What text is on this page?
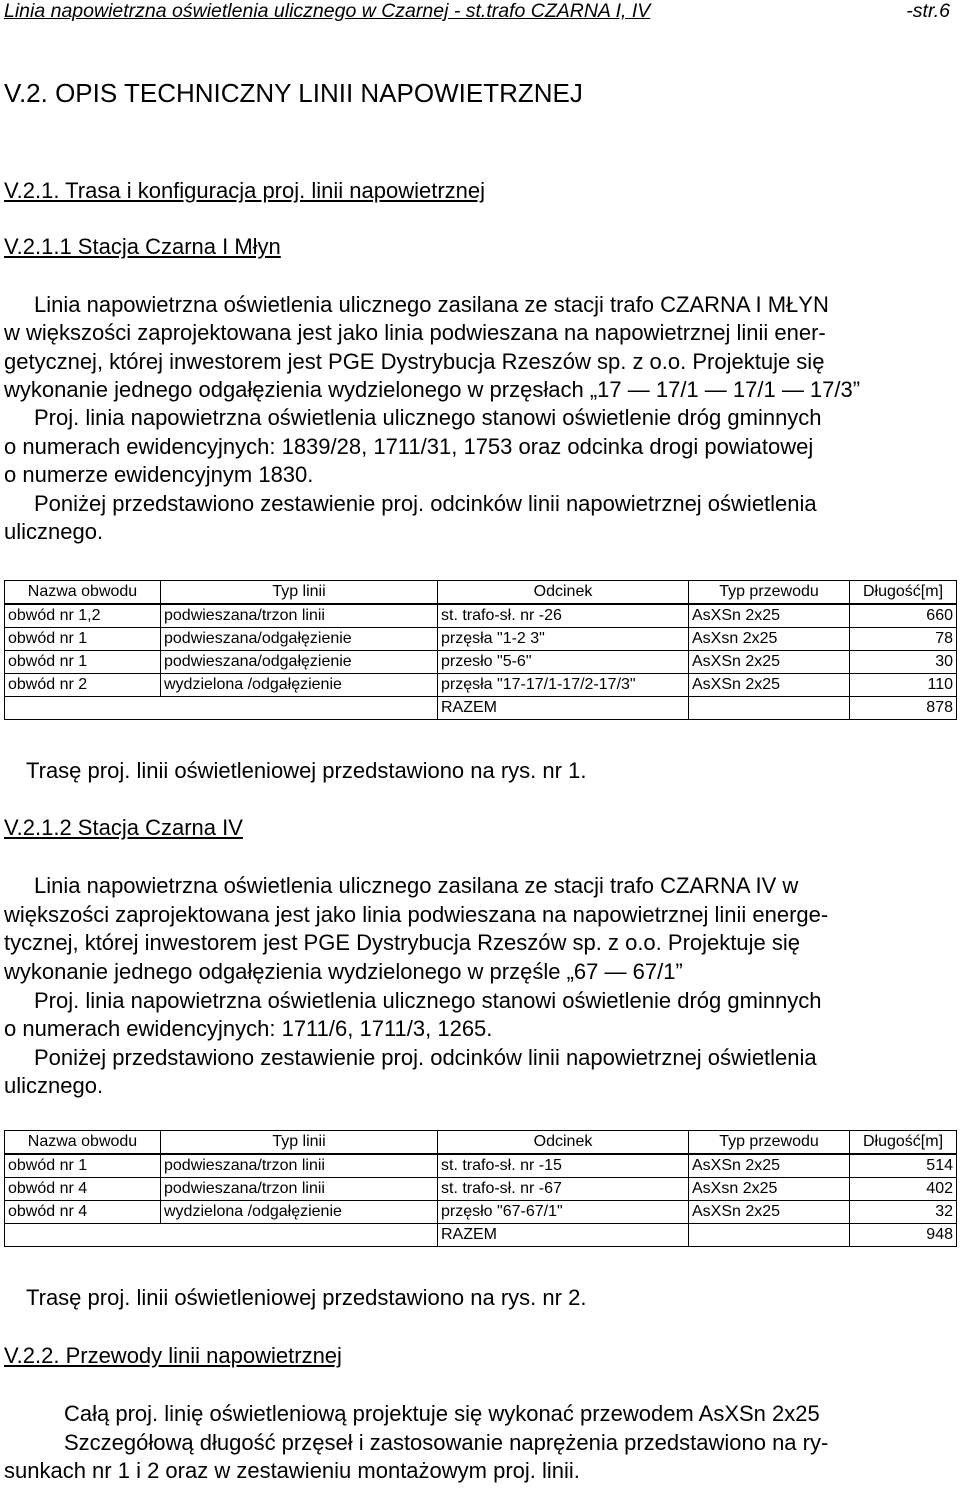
Linia napowietrzna oświetlenia ulicznego w Czarnej - st.trafo CZARNA I, IV	-str.6
V.2. OPIS TECHNICZNY LINII NAPOWIETRZNEJ
V.2.1. Trasa i konfiguracja proj. linii napowietrznej
V.2.1.1 Stacja Czarna I Młyn
Linia napowietrzna oświetlenia ulicznego zasilana ze stacji trafo CZARNA I MŁYN
w większości zaprojektowana jest jako linia podwieszana na napowietrznej linii ener-
getycznej, której inwestorem jest PGE Dystrybucja Rzeszów sp. z o.o. Projektuje się
wykonanie jednego odgałęzienia wydzielonego w przęsłach „17 — 17/1 — 17/1 — 17/3”
Proj. linia napowietrzna oświetlenia ulicznego stanowi oświetlenie dróg gminnych
o numerach ewidencyjnych: 1839/28, 1711/31, 1753 oraz odcinka drogi powiatowej
o numerze ewidencyjnym 1830.
Poniżej przedstawiono zestawienie proj. odcinków linii napowietrznej oświetlenia
ulicznego.
Nazwa obwodu	Typ linii	Odcinek	Typ przewodu	Długość[m]
obwód nr 1,2	podwieszana/trzon linii	st. trafo-sł. nr -26	AsXSn 2x25	660
obwód nr 1	podwieszana/odgałęzienie	przęsła "1-2 3"	AsXsn 2x25	78
obwód nr 1	podwieszana/odgałęzienie	przesło "5-6"	AsXSn 2x25	30
obwód nr 2	wydzielona /odgałęzienie	przęsła "17-17/1-17/2-17/3"	AsXSn 2x25	110
		RAZEM		878
Trasę proj. linii oświetleniowej przedstawiono na rys. nr 1.
V.2.1.2 Stacja Czarna IV
Linia napowietrzna oświetlenia ulicznego zasilana ze stacji trafo CZARNA IV w
większości zaprojektowana jest jako linia podwieszana na napowietrznej linii energe-
tycznej, której inwestorem jest PGE Dystrybucja Rzeszów sp. z o.o. Projektuje się
wykonanie jednego odgałęzienia wydzielonego w przęśle „67 — 67/1”
Proj. linia napowietrzna oświetlenia ulicznego stanowi oświetlenie dróg gminnych
o numerach ewidencyjnych: 1711/6, 1711/3, 1265.
Poniżej przedstawiono zestawienie proj. odcinków linii napowietrznej oświetlenia
ulicznego.
Nazwa obwodu	Typ linii	Odcinek	Typ przewodu	Długość[m]
obwód nr 1	podwieszana/trzon linii	st. trafo-sł. nr -15	AsXSn 2x25	514
obwód nr 4	podwieszana/trzon linii	st. trafo-sł. nr -67	AsXsn 2x25	402
obwód nr 4	wydzielona /odgałęzienie	przęsło "67-67/1"	AsXSn 2x25	32
		RAZEM		948
Trasę proj. linii oświetleniowej przedstawiono na rys. nr 2.
V.2.2. Przewody linii napowietrznej
Całą proj. linię oświetleniową projektuje się wykonać przewodem AsXSn 2x25
Szczegółową długość przęseł i zastosowanie naprężenia przedstawiono na ry-
sunkach nr 1 i 2 oraz w zestawieniu montażowym proj. linii.
